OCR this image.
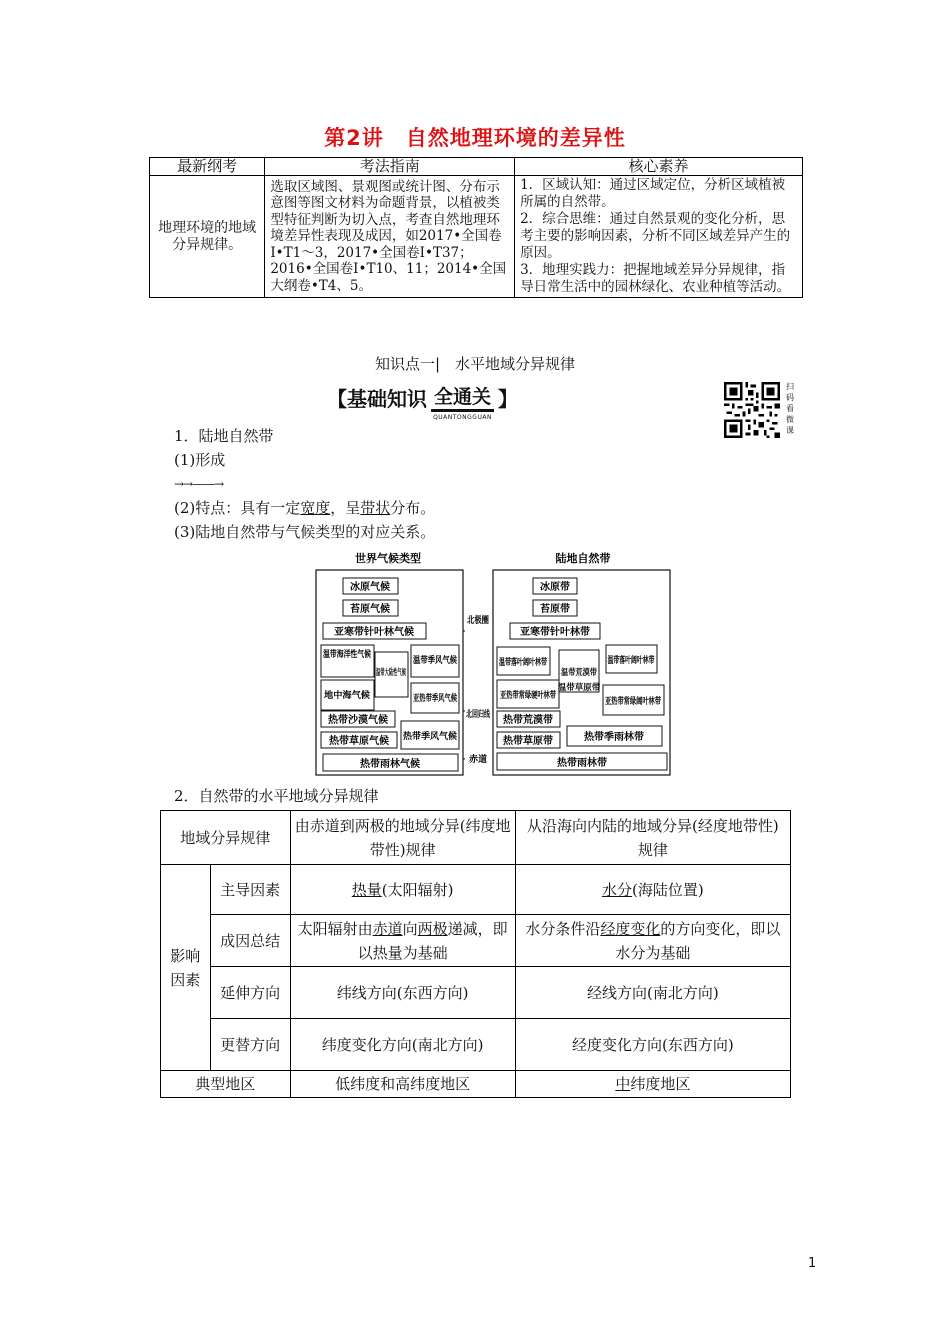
第2讲　自然地理环境的差异性
最新纲考	考法指南	核心素养
地理环境的地域分异规律。	选取区域图、景观图或统计图、分布示意图等图文材料为命题背景，以植被类型特征判断为切入点，考查自然地理环境差异性表现及成因，如2017•全国卷Ⅰ•T1～3，2017•全国卷Ⅰ•T37；2016•全国卷Ⅰ•T10、11；2014•全国大纲卷•T4、5。	1．区域认知：通过区域定位，分析区域植被所属的自然带。
2．综合思维：通过自然景观的变化分析，思考主要的影响因素，分析不同区域差异产生的原因。
3．地理实践力：把握地域差异分异规律，指导日常生活中的园林绿化、农业种植等活动。
知识点一|　水平地域分异规律
【基础知识 全通关
QUANTONGGUAN
】	扫码看微课
1．陆地自然带
(1)形成
→→——→
(2)特点：具有一定宽度，呈带状分布。
(3)陆地自然带与气候类型的对应关系。
世界气候类型	陆地自然带
冰原气候
苔原气候
亚寒带针叶林气候
温带海洋性气候
温带大陆性气候
温带季风气候
地中海气候	亚热带季风气候
热带沙漠气候
热带草原气候 热带季风气候
热带雨林气候
冰原带
苔原带
亚寒带针叶林带
温带落叶阔叶林带
温带荒漠带
温带草原带
温带落叶阔叶林带
亚热带常绿硬叶林带
亚热带常绿阔叶林带
热带荒漠带
热带草原带	热带季雨林带
热带雨林带
北极圈
北回归线
赤道
2．自然带的水平地域分异规律
地域分异规律		由赤道到两极的地域分异(纬度地带性)规律	从沿海向内陆的地域分异(经度地带性)规律
影响因素	主导因素	热量(太阳辐射)	水分(海陆位置)
	成因总结	太阳辐射由赤道向两极递减，即以热量为基础	水分条件沿经度变化的方向变化，即以水分为基础
	延伸方向	纬线方向(东西方向)	经线方向(南北方向)
	更替方向	纬度变化方向(南北方向)	经度变化方向(东西方向)
典型地区		低纬度和高纬度地区	中纬度地区
1
